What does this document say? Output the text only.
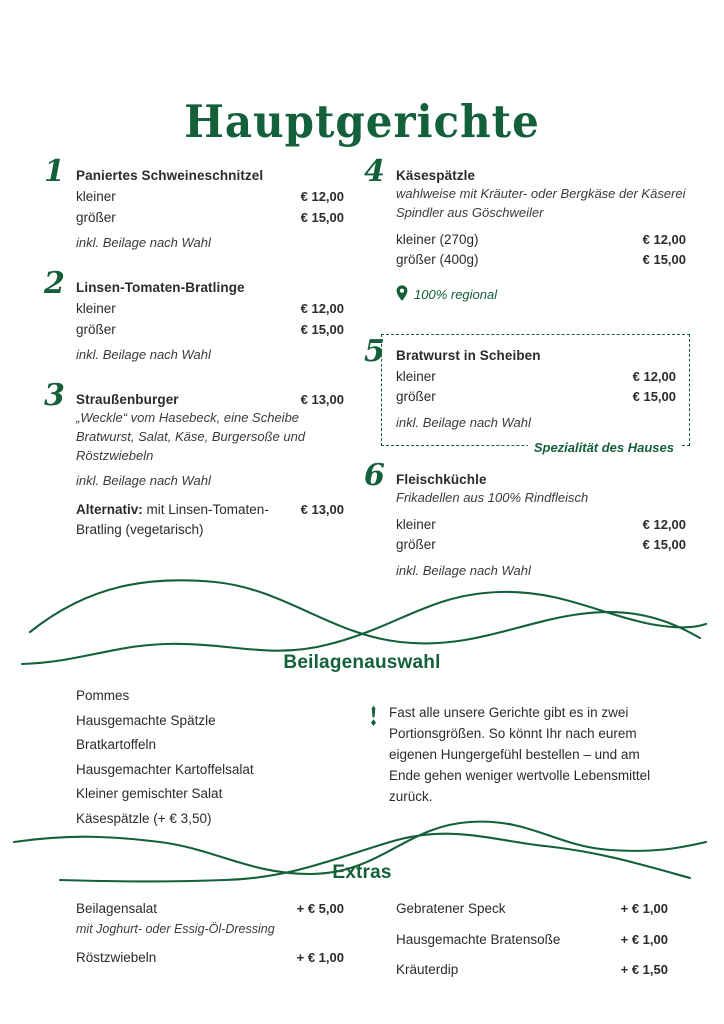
Hauptgerichte
1 Paniertes Schweineschnitzel
kleiner	€ 12,00
größer	€ 15,00
inkl. Beilage nach Wahl
2 Linsen-Tomaten-Bratlinge
kleiner	€ 12,00
größer	€ 15,00
inkl. Beilage nach Wahl
3 Straußenburger	€ 13,00
„Weckle“ vom Hasebeck, eine Scheibe Bratwurst, Salat, Käse, Burgersoße und Röstzwiebeln
inkl. Beilage nach Wahl
Alternativ: mit Linsen-Tomaten-Bratling (vegetarisch)
€ 13,00
4 Käsespätzle
wahlweise mit Kräuter- oder Bergkäse der Käserei Spindler aus Göschweiler
kleiner (270g)	€ 12,00
größer (400g)	€ 15,00
100% regional
5 Bratwurst in Scheiben
kleiner	€ 12,00
größer	€ 15,00
inkl. Beilage nach Wahl
Spezialität des Hauses
6 Fleischküchle
Frikadellen aus 100% Rindfleisch
kleiner	€ 12,00
größer	€ 15,00
inkl. Beilage nach Wahl
Beilagenauswahl
Pommes
Hausgemachte Spätzle
Bratkartoffeln
Hausgemachter Kartoffelsalat
Kleiner gemischter Salat
Käsespätzle (+ € 3,50)
Fast alle unsere Gerichte gibt es in zwei Portionsgrößen. So könnt Ihr nach eurem eigenen Hungergefühl bestellen – und am Ende gehen weniger wertvolle Lebensmittel zurück.
Extras
Beilagensalat	+ € 5,00
mit Joghurt- oder Essig-Öl-Dressing
Röstzwiebeln	+ € 1,00
Gebratener Speck	+ € 1,00
Hausgemachte Bratensoße	+ € 1,00
Kräuterdip	+ € 1,50
